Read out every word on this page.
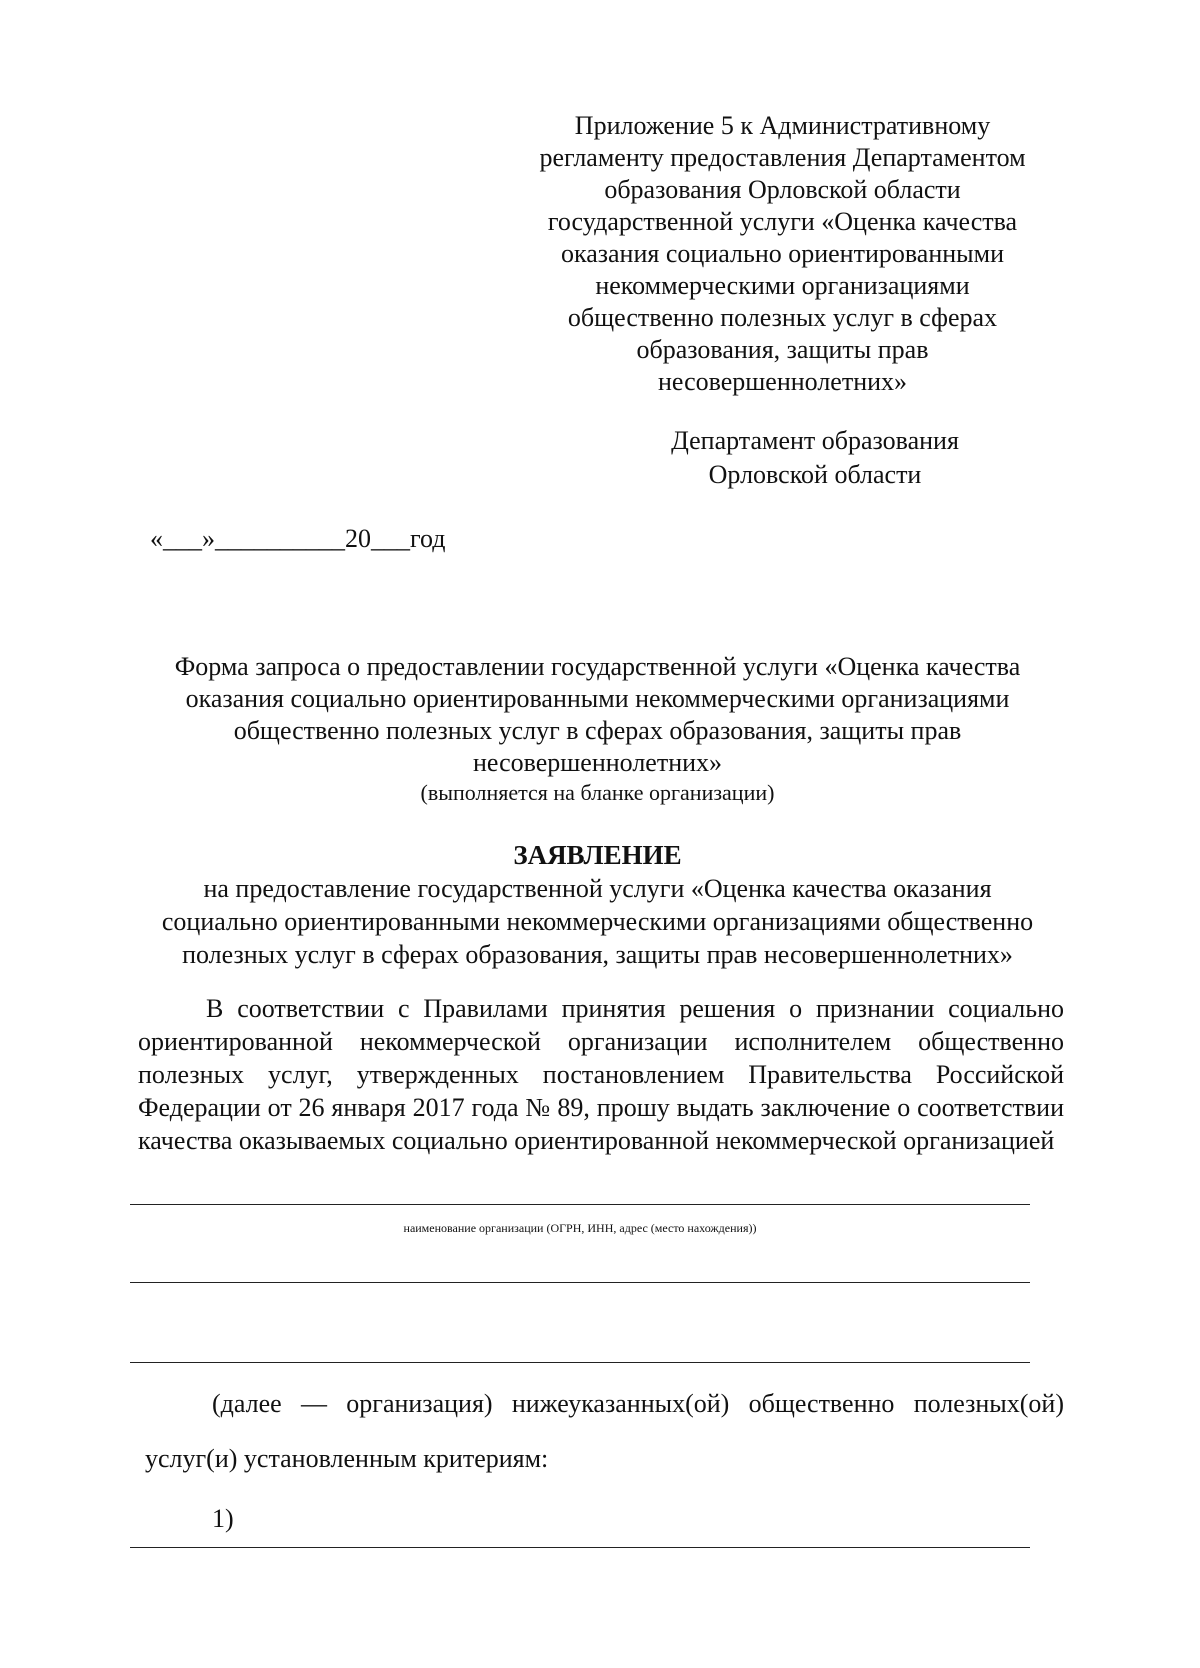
Приложение 5 к Административному
регламенту предоставления Департаментом
образования Орловской области
государственной услуги «Оценка качества
оказания социально ориентированными
некоммерческими организациями
общественно полезных услуг в сферах
образования, защиты прав
несовершеннолетних»
Департамент образования
Орловской области
«___»__________20___год
Форма запроса о предоставлении государственной услуги «Оценка качества
оказания социально ориентированными некоммерческими организациями
общественно полезных услуг в сферах образования, защиты прав
несовершеннолетних»
(выполняется на бланке организации)
ЗАЯВЛЕНИЕ
на предоставление государственной услуги «Оценка качества оказания
социально ориентированными некоммерческими организациями общественно
полезных услуг в сферах образования, защиты прав несовершеннолетних»

В соответствии с Правилами принятия решения о признании социально ориентированной некоммерческой организации исполнителем общественно полезных услуг, утвержденных постановлением Правительства Российской Федерации от 26 января 2017 года № 89, прошу выдать заключение о соответствии качества оказываемых социально ориентированной некоммерческой организацией

наименование организации (ОГРН, ИНН, адрес (место нахождения))
(далее — организация) нижеуказанных(ой) общественно полезных(ой)
услуг(и) установленным критериям:
1)
